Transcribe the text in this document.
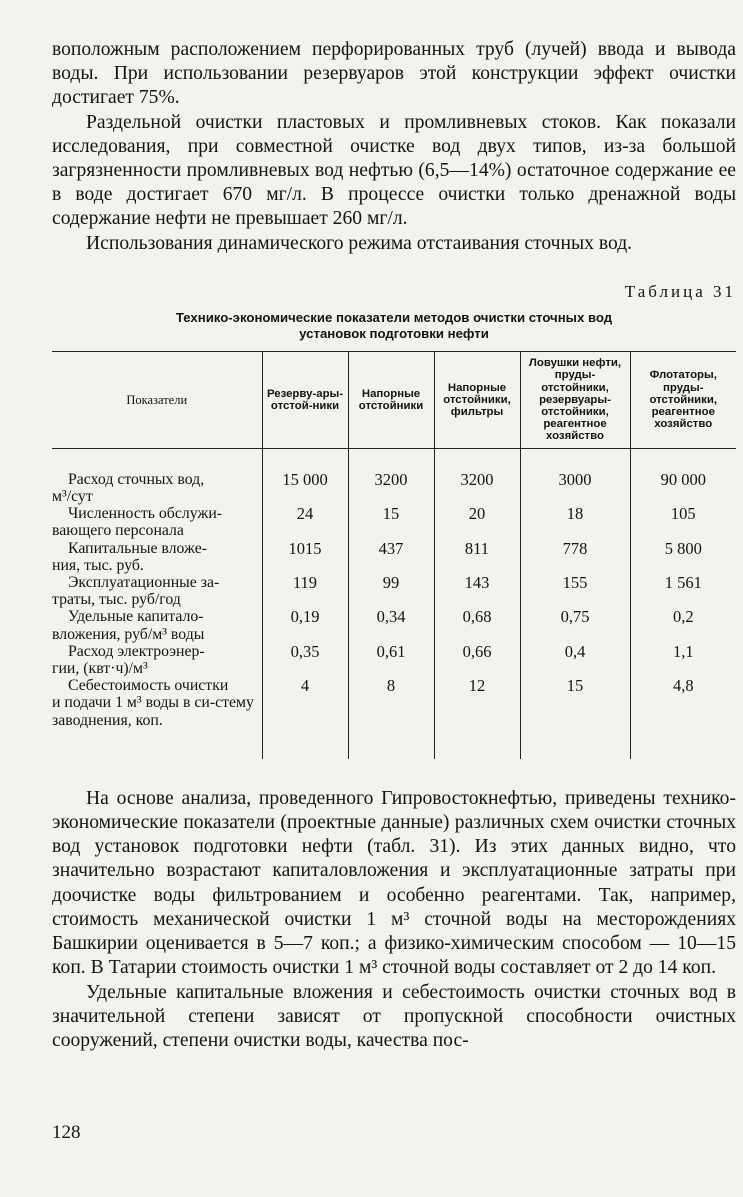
воположным расположением перфорированных труб (лучей) ввода и вывода воды. При использовании резервуаров этой конструкции эффект очистки достигает 75%.

Раздельной очистки пластовых и промливневых стоков. Как показали исследования, при совместной очистке вод двух типов, из-за большой загрязненности промливневых вод нефтью (6,5—14%) остаточное содержание ее в воде достигает 670 мг/л. В процессе очистки только дренажной воды содержание нефти не превышает 260 мг/л.

Использования динамического режима отстаивания сточных вод.

Таблица 31
Технико-экономические показатели методов очистки сточных вод
установок подготовки нефти
Показатели	Резерву-ары-отстой-ники	Напорные отстойники	Напорные отстойники, фильтры	Ловушки нефти, пруды-отстойники, резервуары-отстойники, реагентное хозяйство	Флотаторы, пруды-отстойники, реагентное хозяйство

Расход сточных вод,
м³/сут	15 000	3200	3200	3000	90 000

Численность обслужи-
вающего персонала	24	15	20	18	105

Капитальные вложе-
ния, тыс. руб.	1015	437	811	778	5 800

Эксплуатационные за-
траты, тыс. руб/год	119	99	143	155	1 561

Удельные капитало-
вложения, руб/м³ воды	0,19	0,34	0,68	0,75	0,2

Расход электроэнер-
гии, (квт·ч)/м³	0,35	0,61	0,66	0,4	1,1

Себестоимость очистки
и подачи 1 м³ воды в си-стему заводнения, коп.	4	8	12	15	4,8

На основе анализа, проведенного Гипровостокнефтью, приведены технико-экономические показатели (проектные данные) различных схем очистки сточных вод установок подготовки нефти (табл. 31). Из этих данных видно, что значительно возрастают капиталовложения и эксплуатационные затраты при доочистке воды фильтрованием и особенно реагентами. Так, например, стоимость механической очистки 1 м³ сточной воды на месторождениях Башкирии оценивается в 5—7 коп.; а физико-химическим способом — 10—15 коп. В Татарии стоимость очистки 1 м³ сточной воды составляет от 2 до 14 коп.

Удельные капитальные вложения и себестоимость очистки сточных вод в значительной степени зависят от пропускной способности очистных сооружений, степени очистки воды, качества пос-

128
